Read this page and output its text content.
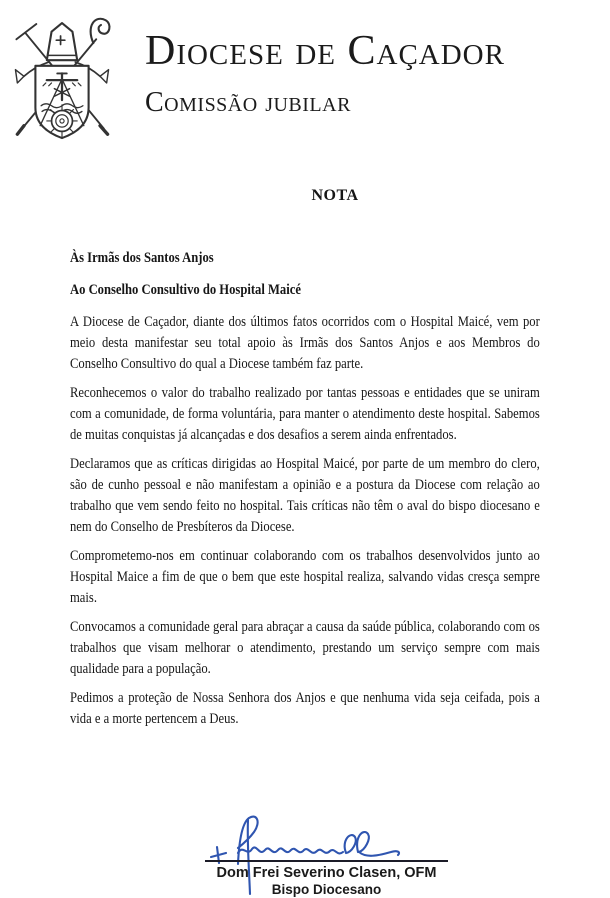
Diocese de Caçador
Comissão jubilar

NOTA

Às Irmãs dos Santos Anjos

Ao Conselho Consultivo do Hospital Maicé

A Diocese de Caçador, diante dos últimos fatos ocorridos com o Hospital Maicé, vem por meio desta manifestar seu total apoio às Irmãs dos Santos Anjos e aos Membros do Conselho Consultivo do qual a Diocese também faz parte.

Reconhecemos o valor do trabalho realizado por tantas pessoas e entidades que se uniram com a comunidade, de forma voluntária, para manter o atendimento deste hospital. Sabemos de muitas conquistas já alcançadas e dos desafios a serem ainda enfrentados.

Declaramos que as críticas dirigidas ao Hospital Maicé, por parte de um membro do clero, são de cunho pessoal e não manifestam a opinião e a postura da Diocese com relação ao trabalho que vem sendo feito no hospital. Tais críticas não têm o aval do bispo diocesano e nem do Conselho de Presbíteros da Diocese.

Comprometemo-nos em continuar colaborando com os trabalhos desenvolvidos junto ao Hospital Maice a fim de que o bem que este hospital realiza, salvando vidas cresça sempre mais.

Convocamos a comunidade geral para abraçar a causa da saúde pública, colaborando com os trabalhos que visam melhorar o atendimento, prestando um serviço sempre com mais qualidade para a população.

Pedimos a proteção de Nossa Senhora dos Anjos e que nenhuma vida seja ceifada, pois a vida e a morte pertencem a Deus.

Dom Frei Severino Clasen, OFM

Bispo Diocesano
